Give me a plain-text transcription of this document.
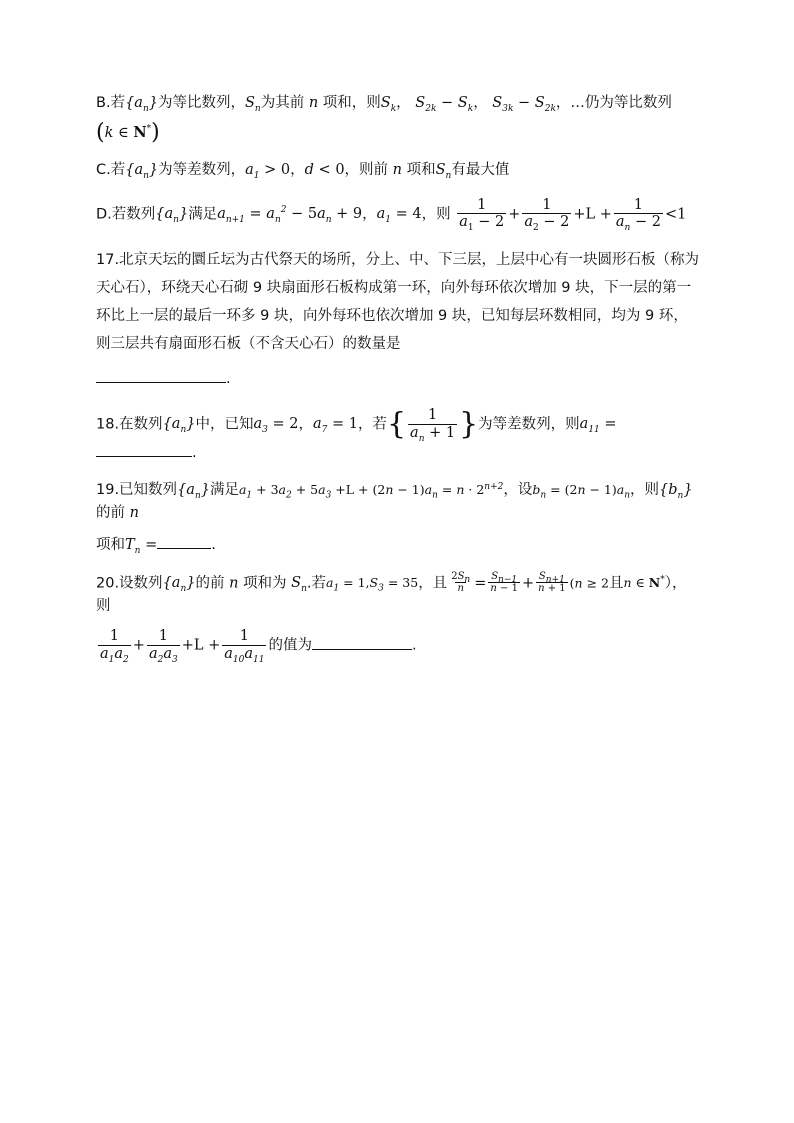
B.若$\{a_n\}$为等比数列，$S_n$为其前 n 项和，则$S_k$， $S_{2k} - S_k$， $S_{3k} - S_{2k}$，…仍为等比数列
(k ∈ N*)
C.若$\{a_n\}$为等差数列，$a_1 > 0$，d < 0，则前 n 项和$S_n$有最大值
D.若数列$\{a_n\}$满足$a_{n+1} = a_n^2 - 5a_n + 9$，$a_1 = 4$，则 $\frac{1}{a_1 - 2} + \frac{1}{a_2 - 2} +L + \frac{1}{a_n - 2} <1$
17.北京天坛的圜丘坛为古代祭天的场所，分上、中、下三层，上层中心有一块圆形石板（称为天心石），环绕天心石砌 9 块扇面形石板构成第一环，向外每环依次增加 9 块，下一层的第一环比上一层的最后一环多 9 块，向外每环也依次增加 9 块，已知每层环数相同，均为 9 环，则三层共有扇面形石板（不含天心石）的数量是
.
18.在数列$\{a_n\}$中，已知$a_3 = 2$，$a_7 = 1$，若{ $\frac{1}{a_n + 1}$ }为等差数列，则$a_{11}$ =.
19.已知数列$\{a_n\}$满足$a_1 + 3a_2 + 5a_3 +L + (2n - 1)a_n = n \cdot 2^{n+2}$，设$b_n = (2n - 1)a_n$，则$\{b_n\}$的前 n
项和$T_n$ =	.
20.设数列$\{a_n\}$的前 n 项和为 $S_n$.若$a_1 = 1,S_3 = 35$，且 $\frac{2S_n}{n} = \frac{S_{n-1}}{n - 1} + \frac{S_{n+1}}{n + 1} (n \ge 2$且n ∈ N*），则
$\frac{1}{a_1a_2} + \frac{1}{a_2a_3} +L + \frac{1}{a_{10}a_{11}}$ 的值为	.
